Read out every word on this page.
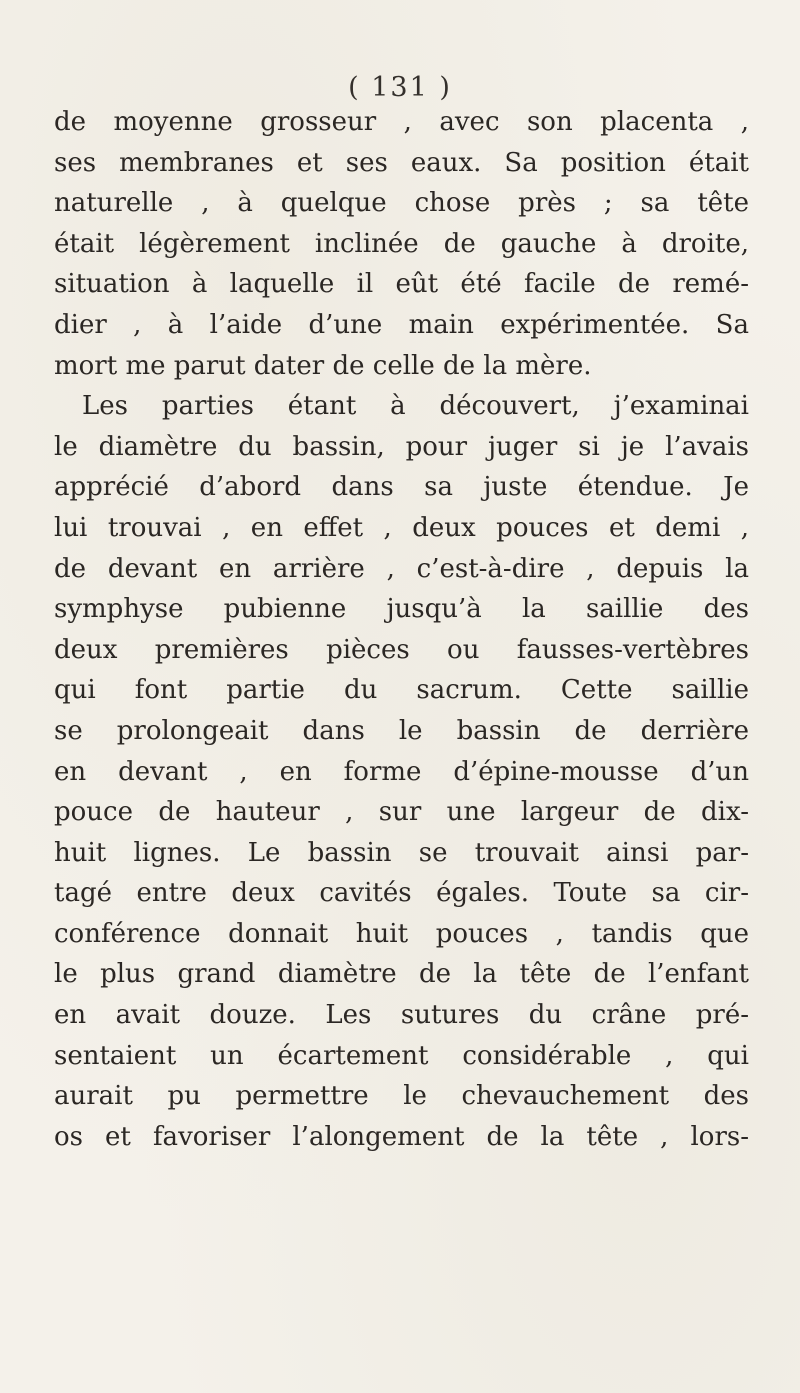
( 131 )
de moyenne grosseur , avec son placenta ,
ses membranes et ses eaux. Sa position était
naturelle , à quelque chose près ; sa tête
était légèrement inclinée de gauche à droite,
situation à laquelle il eût été facile de remé-
dier , à l’aide d’une main expérimentée. Sa
mort me parut dater de celle de la mère.
Les parties étant à découvert, j’examinai
le diamètre du bassin, pour juger si je l’avais
apprécié d’abord dans sa juste étendue. Je
lui trouvai , en effet , deux pouces et demi ,
de devant en arrière , c’est-à-dire , depuis la
symphyse pubienne jusqu’à la saillie des
deux premières pièces ou fausses-vertèbres
qui font partie du sacrum. Cette saillie
se prolongeait dans le bassin de derrière
en devant , en forme d’épine-mousse d’un
pouce de hauteur , sur une largeur de dix-
huit lignes. Le bassin se trouvait ainsi par-
tagé entre deux cavités égales. Toute sa cir-
conférence donnait huit pouces , tandis que
le plus grand diamètre de la tête de l’enfant
en avait douze. Les sutures du crâne pré-
sentaient un écartement considérable , qui
aurait pu permettre le chevauchement des
os et favoriser l’alongement de la tête , lors-
